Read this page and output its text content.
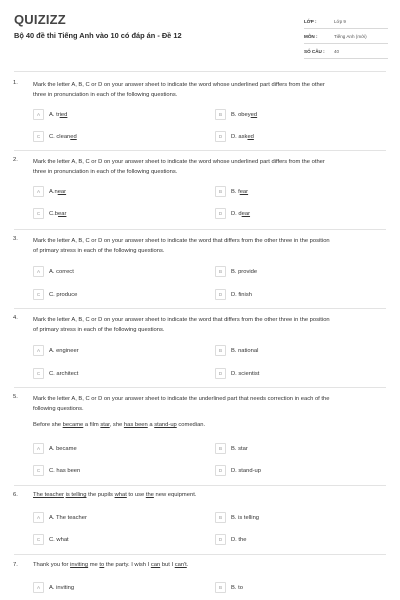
QUIZIZZ
Bộ 40 đề thi Tiếng Anh vào 10 có đáp án - Đề 12
LỚP :	Lớp 9
MÔN :	Tiếng Anh (mới)
SỐ CÂU :	40
1.	Mark the letter A, B, C or D on your answer sheet to indicate the word whose underlined part differs from the other
three in pronunciation in each of the following questions.
A	A. tried	B	B. obeyed
C	C. cleaned	D	D. asked
2.	Mark the letter A, B, C or D on your answer sheet to indicate the word whose underlined part differs from the other
three in pronunciation in each of the following questions.
A	A.near	B	B. fear
C	C.bear	D	D. dear
3.	Mark the letter A, B, C or D on your answer sheet to indicate the word that differs from the other three in the position
of primary stress in each of the following questions.
A	A. correct	B	B. provide
C	C. produce	D	D. finish
4.	Mark the letter A, B, C or D on your answer sheet to indicate the word that differs from the other three in the position
of primary stress in each of the following questions.
A	A. engineer	B	B. national
C	C. architect	D	D. scientist
5.	Mark the letter A, B, C or D on your answer sheet to indicate the underlined part that needs correction in each of the
following questions.
Before she became a film star, she has been a stand-up comedian.
A	A. became	B	B. star
C	C. has been	D	D. stand-up
6.	The teacher is telling the pupils what to use the new equipment.
A	A. The teacher	B	B. is telling
C	C. what	D	D. the
7.	Thank you for inviting me to the party. I wish I can but I can't.
A	A. inviting	B	B. to
